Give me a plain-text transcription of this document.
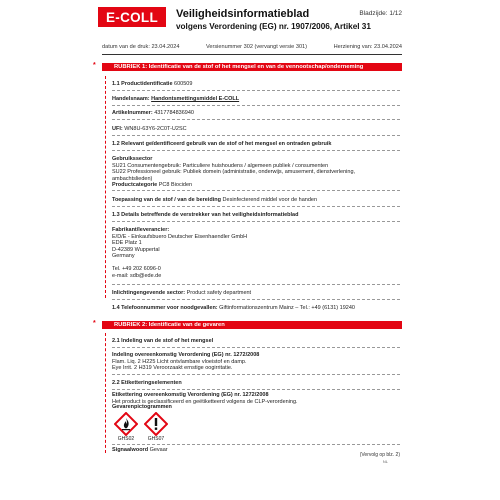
E-COLL	Veiligheidsinformatieblad
volgens Verordening (EG) nr. 1907/2006, Artikel 31
Bladzijde: 1/12
datum van de druk: 23.04.2024	Versienummer 302 (vervangt versie 301)	Herziening van: 23.04.2024
*	RUBRIEK 1: Identificatie van de stof of het mengsel en van de vennootschap/onderneming
1.1 Productidentificatie 600509
Handelsnaam: Handontsmettingsmiddel E-COLL
Artikelnummer: 4317784836940
UFI: WN8U-63Y6-2C0T-U2SC
1.2 Relevant geïdentificeerd gebruik van de stof of het mengsel en ontraden gebruik
Gebruikssector
SU21 Consumentengebruik: Particuliere huishoudens / algemeen publiek / consumenten
SU22 Professioneel gebruik: Publiek domein (administratie, onderwijs, amusement, dienstverlening,
ambachtslieden)
Productcategorie PC8 Biociden
Toepassing van de stof / van de bereiding Desinfecterend middel voor de handen
1.3 Details betreffende de verstrekker van het veiligheidsinformatieblad
Fabrikant/leverancier:
E/D/E - Einkaufsbuero Deutscher Eisenhaendler GmbH
EDE Platz 1
D-42389 Wuppertal
Germany
Tel. +49 202 6096-0
e-mail: sdb@ede.de
Inlichtingengevende sector: Product safety department
1.4 Telefoonnummer voor noodgevallen: Giftinformationszentrum Mainz – Tel.: +49 (6131) 19240
*	RUBRIEK 2: Identificatie van de gevaren
2.1 Indeling van de stof of het mengsel
Indeling overeenkomstig Verordening (EG) nr. 1272/2008
Flam. Liq. 2 H225 Licht ontvlambare vloeistof en damp.
Eye Irrit. 2 H319 Veroorzaakt ernstige oogirritatie.
2.2 Etiketteringselementen
Etikettering overeenkomstig Verordening (EG) nr. 1272/2008
Het product is geclassificeerd en geëtiketteerd volgens de CLP-verordening.
Gevarenpictogrammen
GHS02	GHS07
Signaalwoord Gevaar
(Vervolg op blz. 2)
NL
